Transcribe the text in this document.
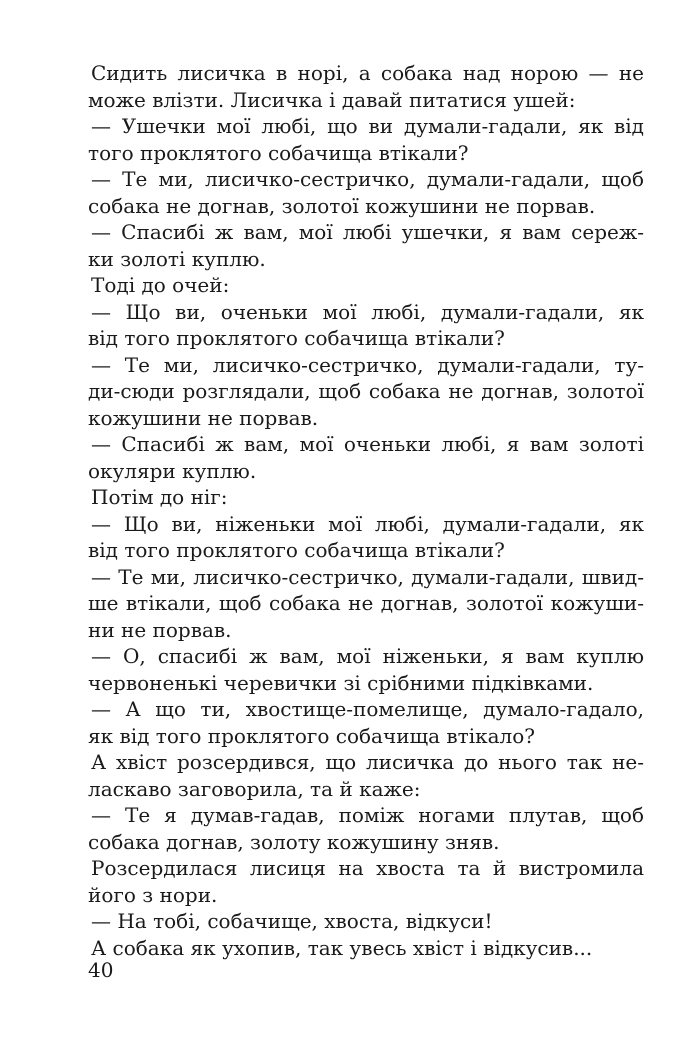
Сидить лисичка в норі, а собака над норою — не
може влізти. Лисичка і давай питатися ушей:
— Ушечки мої любі, що ви думали-гадали, як від
того проклятого собачища втікали?
— Те ми, лисичко-сестричко, думали-гадали, щоб
собака не догнав, золотої кожушини не порвав.
— Спасибі ж вам, мої любі ушечки, я вам сереж-
ки золоті куплю.
Тоді до очей:
— Що ви, оченьки мої любі, думали-гадали, як
від того проклятого собачища втікали?
— Те ми, лисичко-сестричко, думали-гадали, ту-
ди-сюди розглядали, щоб собака не догнав, золотої
кожушини не порвав.
— Спасибі ж вам, мої оченьки любі, я вам золоті
окуляри куплю.
Потім до ніг:
— Що ви, ніженьки мої любі, думали-гадали, як
від того проклятого собачища втікали?
— Те ми, лисичко-сестричко, думали-гадали, швид-
ше втікали, щоб собака не догнав, золотої кожуши-
ни не порвав.
— О, спасибі ж вам, мої ніженьки, я вам куплю
червоненькі черевички зі срібними підківками.
— А що ти, хвостище-помелище, думало-гадало,
як від того проклятого собачища втікало?
А хвіст розсердився, що лисичка до нього так не-
ласкаво заговорила, та й каже:
— Те я думав-гадав, поміж ногами плутав, щоб
собака догнав, золоту кожушину зняв.
Розсердилася лисиця на хвоста та й вистромила
його з нори.
— На тобі, собачище, хвоста, відкуси!
А собака як ухопив, так увесь хвіст і відкусив...
40
